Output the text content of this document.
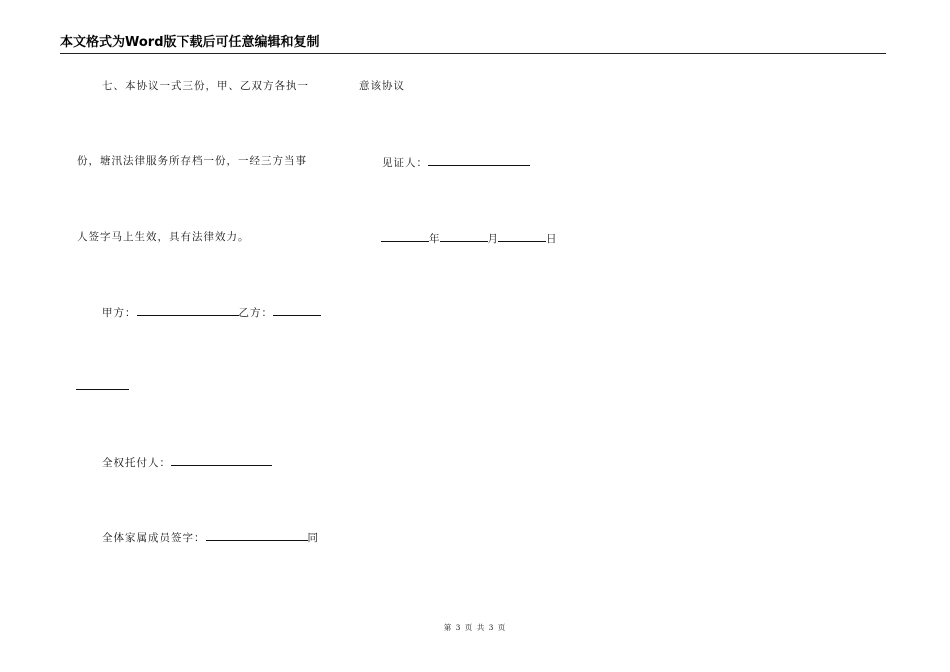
本文格式为Word版下载后可任意编辑和复制
七、本协议一式三份，甲、乙双方各执一	意该协议
份，塘汛法律服务所存档一份，一经三方当事	见证人：
人签字马上生效，具有法律效力。	年	月	日
甲方：	乙方：
全权托付人：
全体家属成员签字：	同
第 3 页 共 3 页
